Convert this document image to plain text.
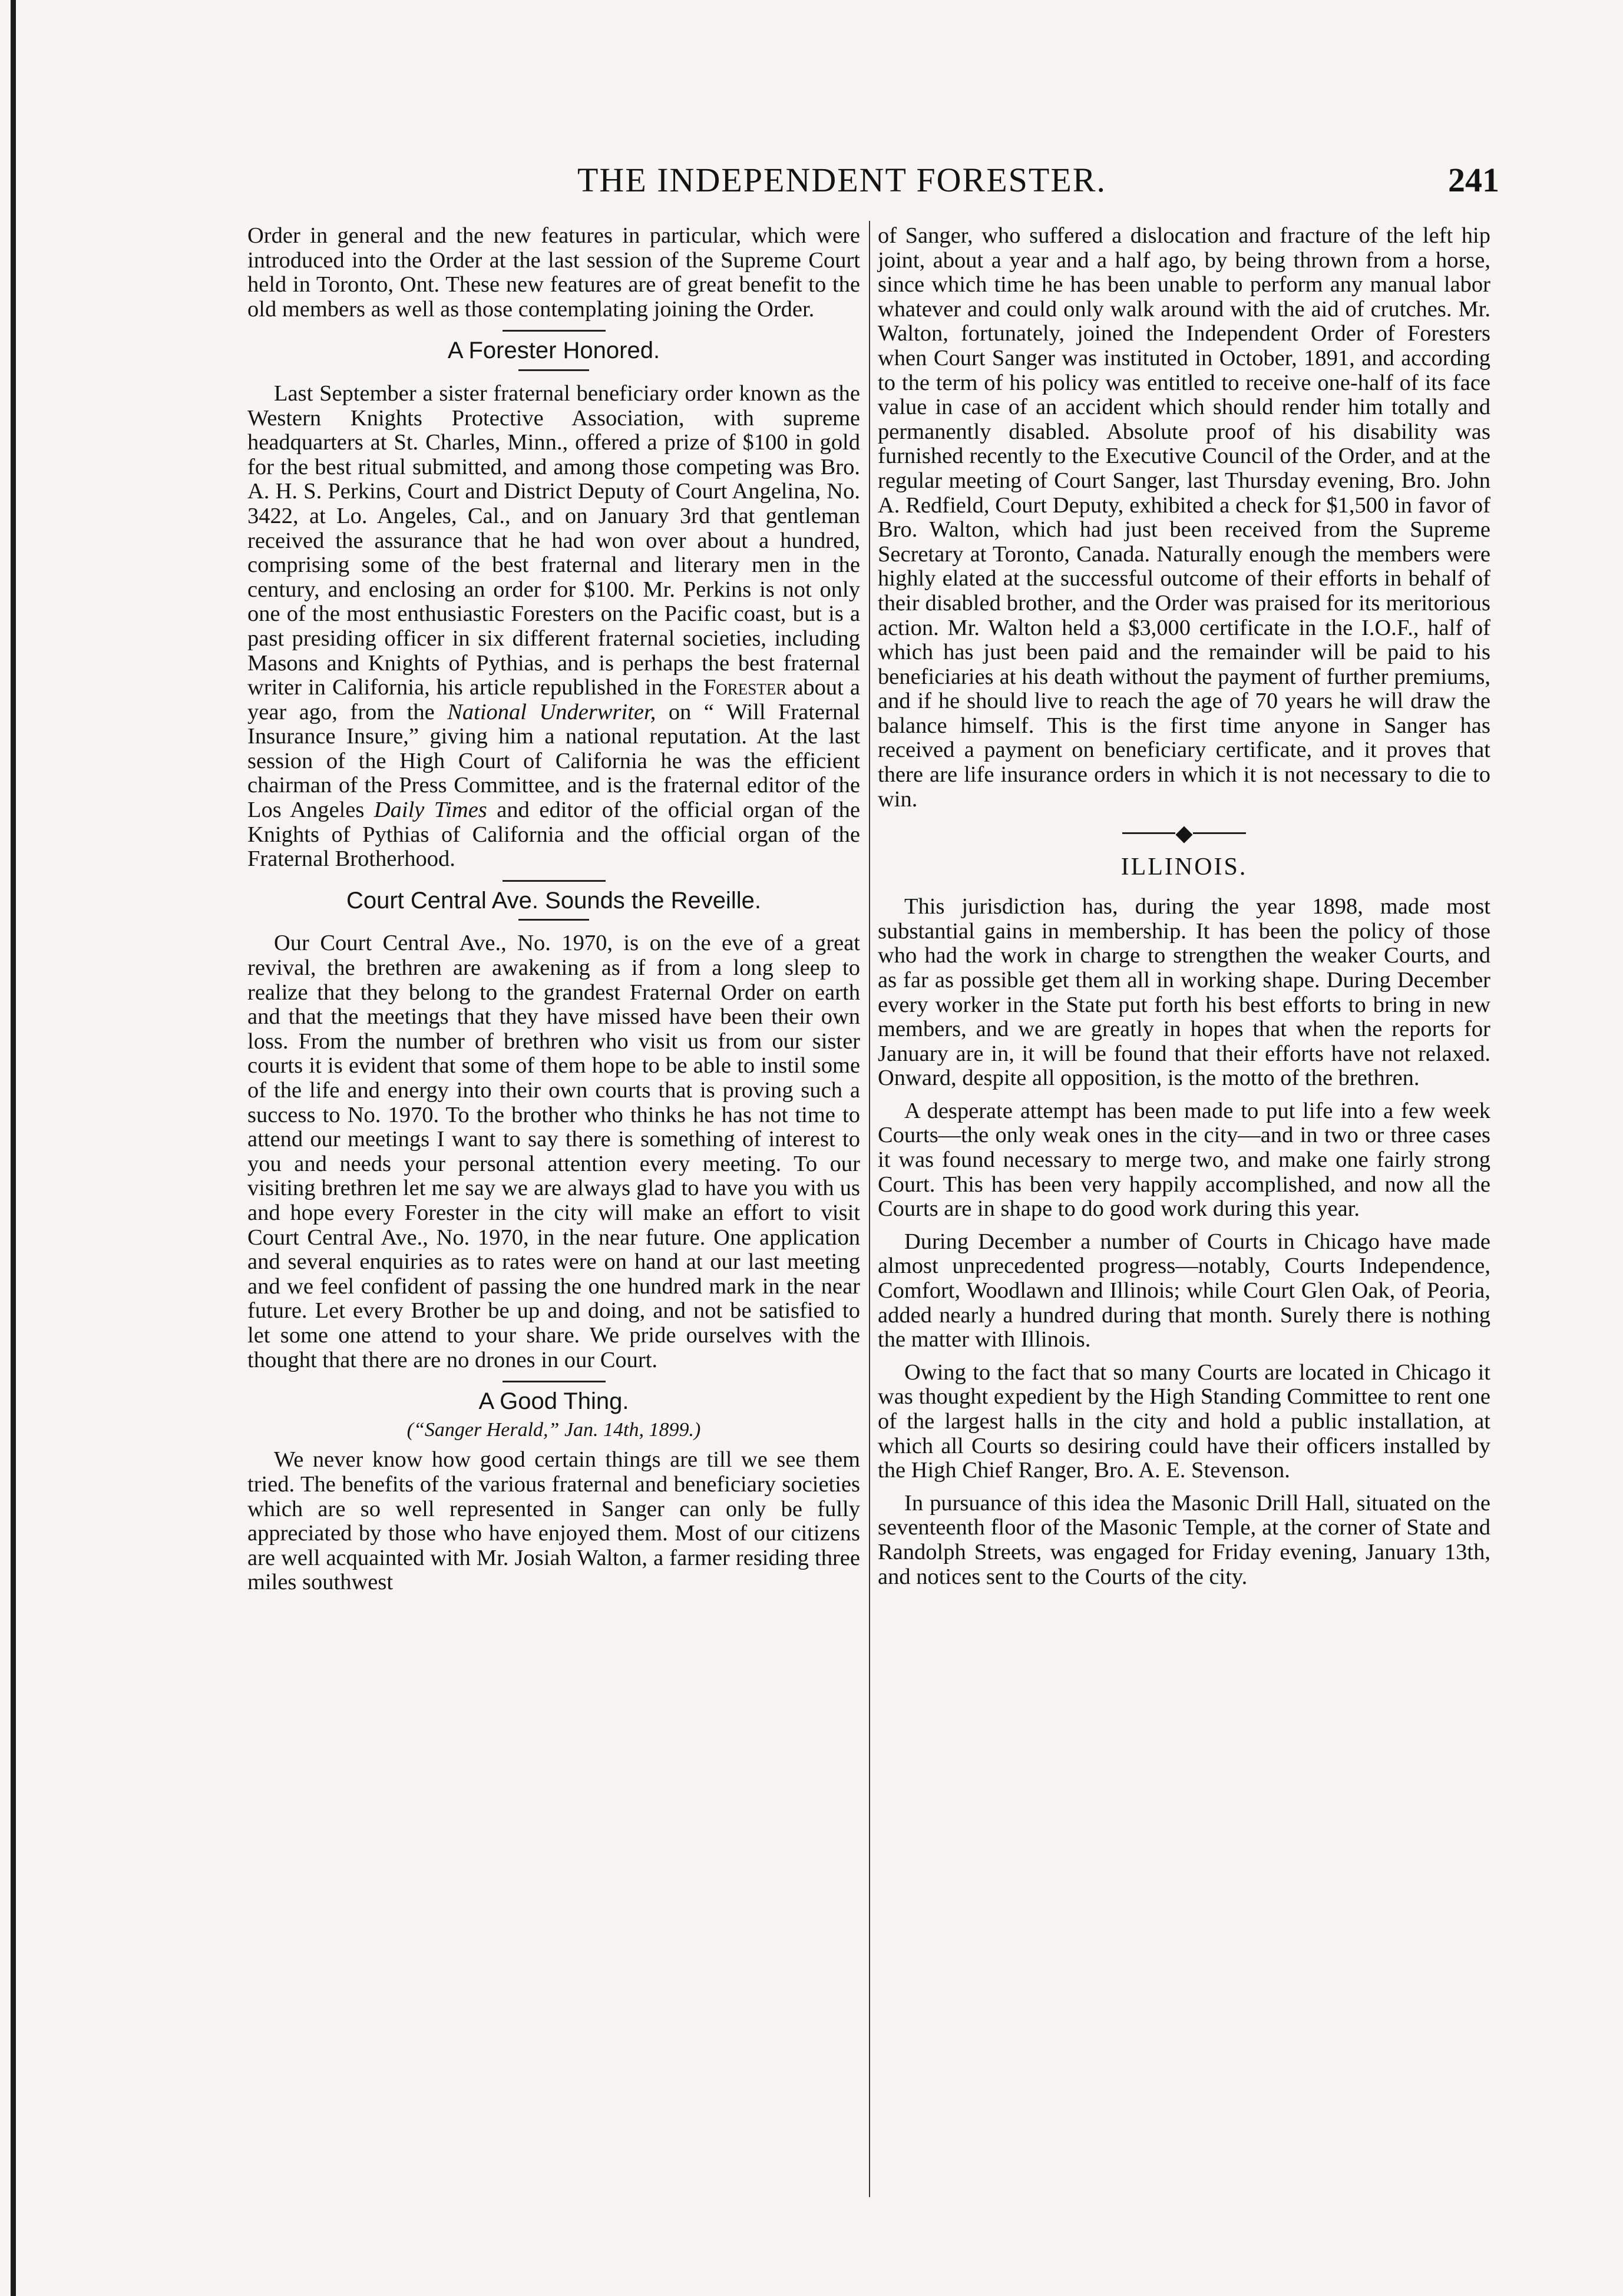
THE INDEPENDENT FORESTER.	241

Order in general and the new features in particular, which were introduced into the Order at the last session of the Supreme Court held in Toronto, Ont. These new features are of great benefit to the old members as well as those contemplating joining the Order.

A Forester Honored.

Last September a sister fraternal beneficiary order known as the Western Knights Protective Association, with supreme headquarters at St. Charles, Minn., offered a prize of $100 in gold for the best ritual submitted, and among those competing was Bro. A. H. S. Perkins, Court and District Deputy of Court Angelina, No. 3422, at Lo. Angeles, Cal., and on January 3rd that gentleman received the assurance that he had won over about a hundred, comprising some of the best fraternal and literary men in the century, and enclosing an order for $100. Mr. Perkins is not only one of the most enthusiastic Foresters on the Pacific coast, but is a past presiding officer in six different fraternal societies, including Masons and Knights of Pythias, and is perhaps the best fraternal writer in California, his article republished in the Forester about a year ago, from the National Underwriter, on “ Will Fraternal Insurance Insure,” giving him a national reputation. At the last session of the High Court of California he was the efficient chairman of the Press Committee, and is the fraternal editor of the Los Angeles Daily Times and editor of the official organ of the Knights of Pythias of California and the official organ of the Fraternal Brotherhood.

Court Central Ave. Sounds the Reveille.

Our Court Central Ave., No. 1970, is on the eve of a great revival, the brethren are awakening as if from a long sleep to realize that they belong to the grandest Fraternal Order on earth and that the meetings that they have missed have been their own loss. From the number of brethren who visit us from our sister courts it is evident that some of them hope to be able to instil some of the life and energy into their own courts that is proving such a success to No. 1970. To the brother who thinks he has not time to attend our meetings I want to say there is something of interest to you and needs your personal attention every meeting. To our visiting brethren let me say we are always glad to have you with us and hope every Forester in the city will make an effort to visit Court Central Ave., No. 1970, in the near future. One application and several enquiries as to rates were on hand at our last meeting and we feel confident of passing the one hundred mark in the near future. Let every Brother be up and doing, and not be satisfied to let some one attend to your share. We pride ourselves with the thought that there are no drones in our Court.

A Good Thing.
(“Sanger Herald,” Jan. 14th, 1899.)

We never know how good certain things are till we see them tried. The benefits of the various fraternal and beneficiary societies which are so well represented in Sanger can only be fully appreciated by those who have enjoyed them. Most of our citizens are well acquainted with Mr. Josiah Walton, a farmer residing three miles southwest

of Sanger, who suffered a dislocation and fracture of the left hip joint, about a year and a half ago, by being thrown from a horse, since which time he has been unable to perform any manual labor whatever and could only walk around with the aid of crutches. Mr. Walton, fortunately, joined the Independent Order of Foresters when Court Sanger was instituted in October, 1891, and according to the term of his policy was entitled to receive one-half of its face value in case of an accident which should render him totally and permanently disabled. Absolute proof of his disability was furnished recently to the Executive Council of the Order, and at the regular meeting of Court Sanger, last Thursday evening, Bro. John A. Redfield, Court Deputy, exhibited a check for $1,500 in favor of Bro. Walton, which had just been received from the Supreme Secretary at Toronto, Canada. Naturally enough the members were highly elated at the successful outcome of their efforts in behalf of their disabled brother, and the Order was praised for its meritorious action. Mr. Walton held a $3,000 certificate in the I.O.F., half of which has just been paid and the remainder will be paid to his beneficiaries at his death without the payment of further premiums, and if he should live to reach the age of 70 years he will draw the balance himself. This is the first time anyone in Sanger has received a payment on beneficiary certificate, and it proves that there are life insurance orders in which it is not necessary to die to win.

◆
ILLINOIS.

This jurisdiction has, during the year 1898, made most substantial gains in membership. It has been the policy of those who had the work in charge to strengthen the weaker Courts, and as far as possible get them all in working shape. During December every worker in the State put forth his best efforts to bring in new members, and we are greatly in hopes that when the reports for January are in, it will be found that their efforts have not relaxed. Onward, despite all opposition, is the motto of the brethren.

A desperate attempt has been made to put life into a few week Courts—the only weak ones in the city—and in two or three cases it was found necessary to merge two, and make one fairly strong Court. This has been very happily accomplished, and now all the Courts are in shape to do good work during this year.

During December a number of Courts in Chicago have made almost unprecedented progress—notably, Courts Independence, Comfort, Woodlawn and Illinois; while Court Glen Oak, of Peoria, added nearly a hundred during that month. Surely there is nothing the matter with Illinois.

Owing to the fact that so many Courts are located in Chicago it was thought expedient by the High Standing Committee to rent one of the largest halls in the city and hold a public installation, at which all Courts so desiring could have their officers installed by the High Chief Ranger, Bro. A. E. Stevenson.

In pursuance of this idea the Masonic Drill Hall, situated on the seventeenth floor of the Masonic Temple, at the corner of State and Randolph Streets, was engaged for Friday evening, January 13th, and notices sent to the Courts of the city.
